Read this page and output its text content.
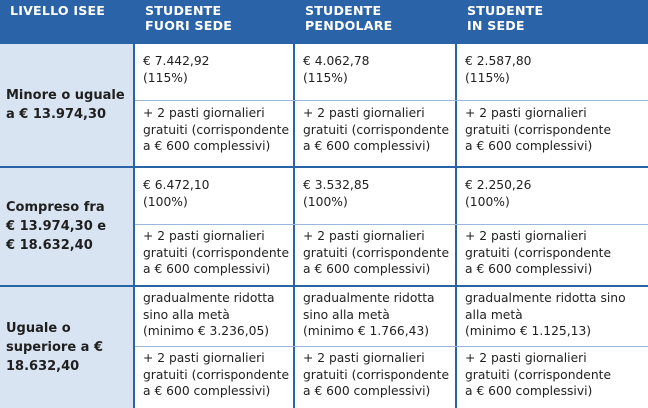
LIVELLO ISEE	STUDENTE
FUORI SEDE
STUDENTE
PENDOLARE
STUDENTE
IN SEDE
Minore o uguale
a € 13.974,30
Compreso fra
€ 13.974,30 e
€ 18.632,40
Uguale o
superiore a €
18.632,40
€ 7.442,92
(115%)
€ 4.062,78
(115%)
€ 2.587,80
(115%)
+ 2 pasti giornalieri
gratuiti (corrispondente
a € 600 complessivi)
+ 2 pasti giornalieri
gratuiti (corrispondente
a € 600 complessivi)
+ 2 pasti giornalieri
gratuiti (corrispondente
a € 600 complessivi)
€ 6.472,10
(100%)
€ 3.532,85
(100%)
€ 2.250,26
(100%)
+ 2 pasti giornalieri
gratuiti (corrispondente
a € 600 complessivi)
+ 2 pasti giornalieri
gratuiti (corrispondente
a € 600 complessivi)
+ 2 pasti giornalieri
gratuiti (corrispondente
a € 600 complessivi)
gradualmente ridotta
sino alla metà
(minimo € 3.236,05)
gradualmente ridotta
sino alla metà
(minimo € 1.766,43)
gradualmente ridotta sino
alla metà
(minimo € 1.125,13)
+ 2 pasti giornalieri
gratuiti (corrispondente
a € 600 complessivi)
+ 2 pasti giornalieri
gratuiti (corrispondente
a € 600 complessivi)
+ 2 pasti giornalieri
gratuiti (corrispondente
a € 600 complessivi)
